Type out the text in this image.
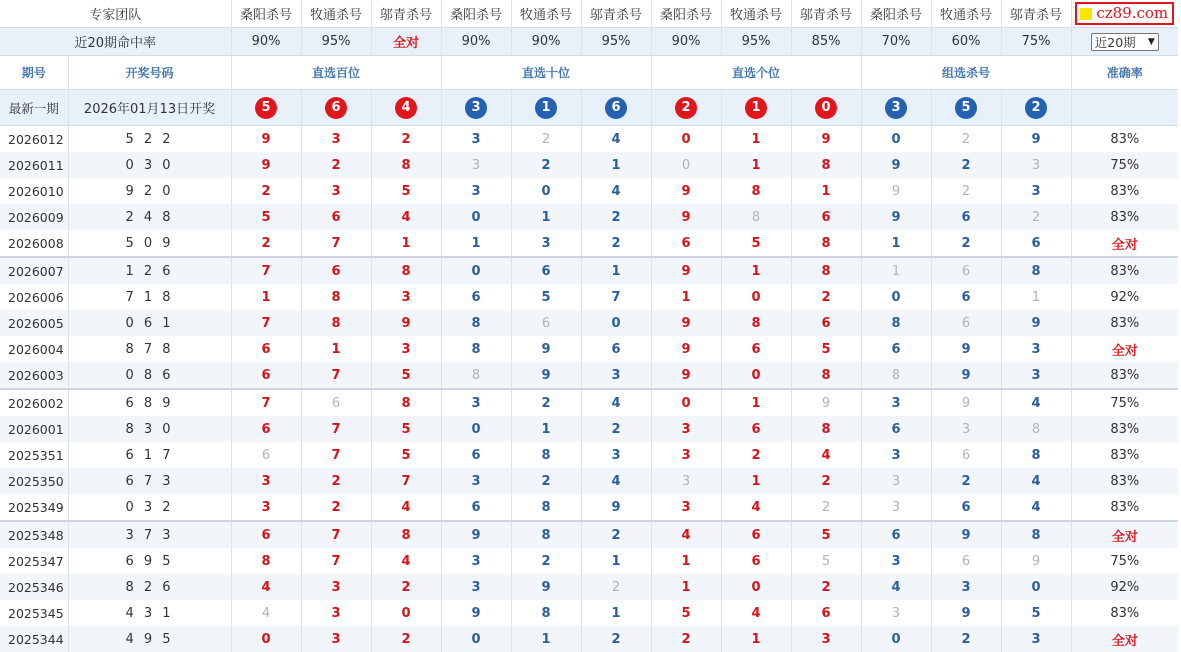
专家团队		桑阳杀号	牧通杀号	邬青杀号	桑阳杀号	牧通杀号	邬青杀号	桑阳杀号	牧通杀号	邬青杀号	桑阳杀号	牧通杀号	邬青杀号	cz89.com

近20期命中率		90%	95%	全对	90%	90%	95%	90%	95%	85%	70%	60%	75%	近20期 ▼

期号	开奖号码	直选百位			直选十位			直选个位			组选杀号			准确率
最新一期	2026年01月13日开奖	5	6	4	3	1	6	2	1	0	3	5	2	
2026012	5 2 2	9	3	2	3	2	4	0	1	9	0	2	9	83%
2026011	0 3 0	9	2	8	3	2	1	0	1	8	9	2	3	75%
2026010	9 2 0	2	3	5	3	0	4	9	8	1	9	2	3	83%
2026009	2 4 8	5	6	4	0	1	2	9	8	6	9	6	2	83%
2026008	5 0 9	2	7	1	1	3	2	6	5	8	1	2	6	全对
2026007	1 2 6	7	6	8	0	6	1	9	1	8	1	6	8	83%
2026006	7 1 8	1	8	3	6	5	7	1	0	2	0	6	1	92%
2026005	0 6 1	7	8	9	8	6	0	9	8	6	8	6	9	83%
2026004	8 7 8	6	1	3	8	9	6	9	6	5	6	9	3	全对
2026003	0 8 6	6	7	5	8	9	3	9	0	8	8	9	3	83%
2026002	6 8 9	7	6	8	3	2	4	0	1	9	3	9	4	75%
2026001	8 3 0	6	7	5	0	1	2	3	6	8	6	3	8	83%
2025351	6 1 7	6	7	5	6	8	3	3	2	4	3	6	8	83%
2025350	6 7 3	3	2	7	3	2	4	3	1	2	3	2	4	83%
2025349	0 3 2	3	2	4	6	8	9	3	4	2	3	6	4	83%
2025348	3 7 3	6	7	8	9	8	2	4	6	5	6	9	8	全对
2025347	6 9 5	8	7	4	3	2	1	1	6	5	3	6	9	75%
2025346	8 2 6	4	3	2	3	9	2	1	0	2	4	3	0	92%
2025345	4 3 1	4	3	0	9	8	1	5	4	6	3	9	5	83%
2025344	4 9 5	0	3	2	0	1	2	2	1	3	0	2	3	全对
